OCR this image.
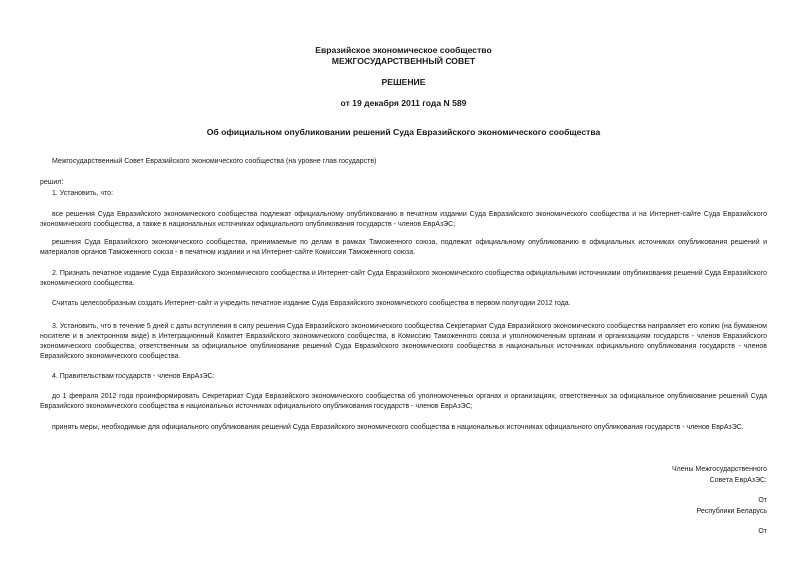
Евразийское экономическое сообщество
МЕЖГОСУДАРСТВЕННЫЙ СОВЕТ
РЕШЕНИЕ
от 19 декабря 2011 года N 589
Об официальном опубликовании решений Суда Евразийского экономического сообщества
Межгосударственный Совет Евразийского экономического сообщества (на уровне глав государств)
решил:
1. Установить, что:
все решения Суда Евразийского экономического сообщества подлежат официальному опубликованию в печатном издании Суда Евразийского экономического сообщества и на Интернет-сайте Суда Евразийского экономического сообщества, а также в национальных источниках официального опубликования государств - членов ЕврАзЭС;
решения Суда Евразийского экономического сообщества, принимаемые по делам в рамках Таможенного союза, подлежат официальному опубликованию в официальных источниках опубликования решений и материалов органов Таможенного союза - в печатном издании и на Интернет-сайте Комиссии Таможенного союза.
2. Признать печатное издание Суда Евразийского экономического сообщества и Интернет-сайт Суда Евразийского экономического сообщества официальными источниками опубликования решений Суда Евразийского экономического сообщества.
Считать целесообразным создать Интернет-сайт и учредить печатное издание Суда Евразийского экономического сообщества в первом полугодии 2012 года.
3. Установить, что в течение 5 дней с даты вступления в силу решения Суда Евразийского экономического сообщества Секретариат Суда Евразийского экономического сообщества направляет его копию (на бумажном носителе и в электронном виде) в Интеграционный Комитет Евразийского экономического сообщества, в Комиссию Таможенного союза и уполномоченным органам и организациям государств - членов Евразийского экономического сообщества, ответственным за официальное опубликование решений Суда Евразийского экономического сообщества в национальных источниках официального опубликования государств - членов Евразийского экономического сообщества.
4. Правительствам государств - членов ЕврАзЭС:
до 1 февраля 2012 года проинформировать Секретариат Суда Евразийского экономического сообщества об уполномоченных органах и организациях, ответственных за официальное опубликование решений Суда Евразийского экономического сообщества в национальных источниках официального опубликования государств - членов ЕврАзЭС;
принять меры, необходимые для официального опубликования решений Суда Евразийского экономического сообщества в национальных источниках официального опубликования государств - членов ЕврАзЭС.
Члены Межгосударственного
Совета ЕврАзЭС:
От
Республики Беларусь
От
